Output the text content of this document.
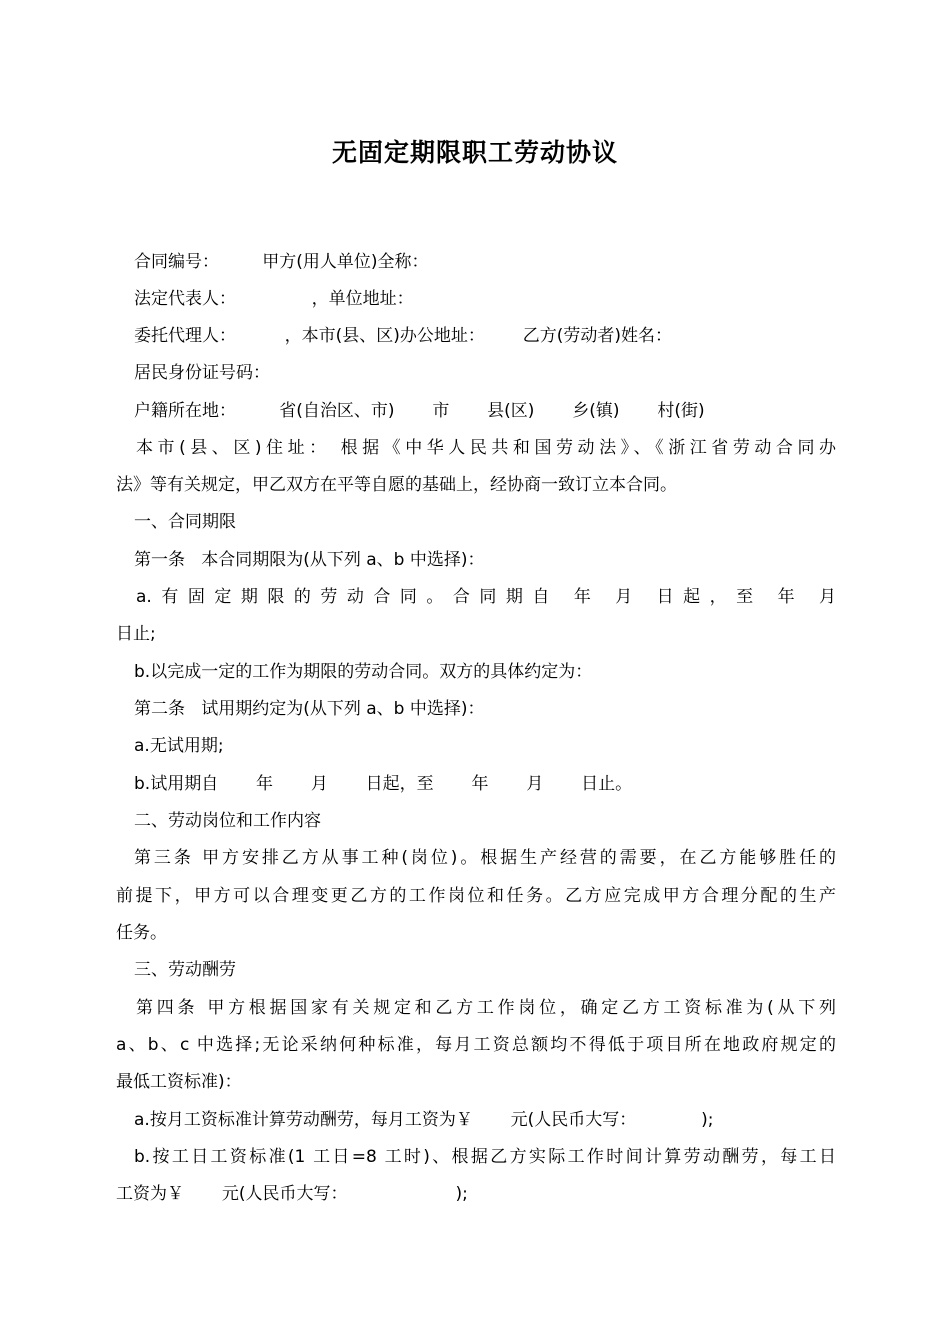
无固定期限职工劳动协议

合同编号：        甲方(用人单位)全称：

法定代表人：              ，单位地址：

委托代理人：         ，本市(县、区)办公地址：       乙方(劳动者)姓名：

居民身份证号码：

户籍所在地：        省(自治区、市)       市       县(区)       乡(镇)       村(街)

本市(县、区)住址： 根据《中华人民共和国劳动法》、《浙江省劳动合同办

法》等有关规定，甲乙双方在平等自愿的基础上，经协商一致订立本合同。

一、合同期限

第一条   本合同期限为(从下列 a、b 中选择)：

a.有固定期限的劳动合同。合同期自 年 月 日起，至 年 月

日止;

b.以完成一定的工作为期限的劳动合同。双方的具体约定为：

第二条   试用期约定为(从下列 a、b 中选择)：

a.无试用期;

b.试用期自       年       月       日起，至       年       月       日止。

二、劳动岗位和工作内容

第三条 甲方安排乙方从事工种(岗位)。根据生产经营的需要，在乙方能够胜任的

前提下，甲方可以合理变更乙方的工作岗位和任务。乙方应完成甲方合理分配的生产

任务。

三、劳动酬劳

第四条 甲方根据国家有关规定和乙方工作岗位，确定乙方工资标准为(从下列

a、b、c 中选择;无论采纳何种标准，每月工资总额均不得低于项目所在地政府规定的

最低工资标准)：

a.按月工资标准计算劳动酬劳，每月工资为￥       元(人民币大写：            );

b.按工日工资标准(1 工日=8 工时)、根据乙方实际工作时间计算劳动酬劳，每工日

工资为￥       元(人民币大写：                    );
